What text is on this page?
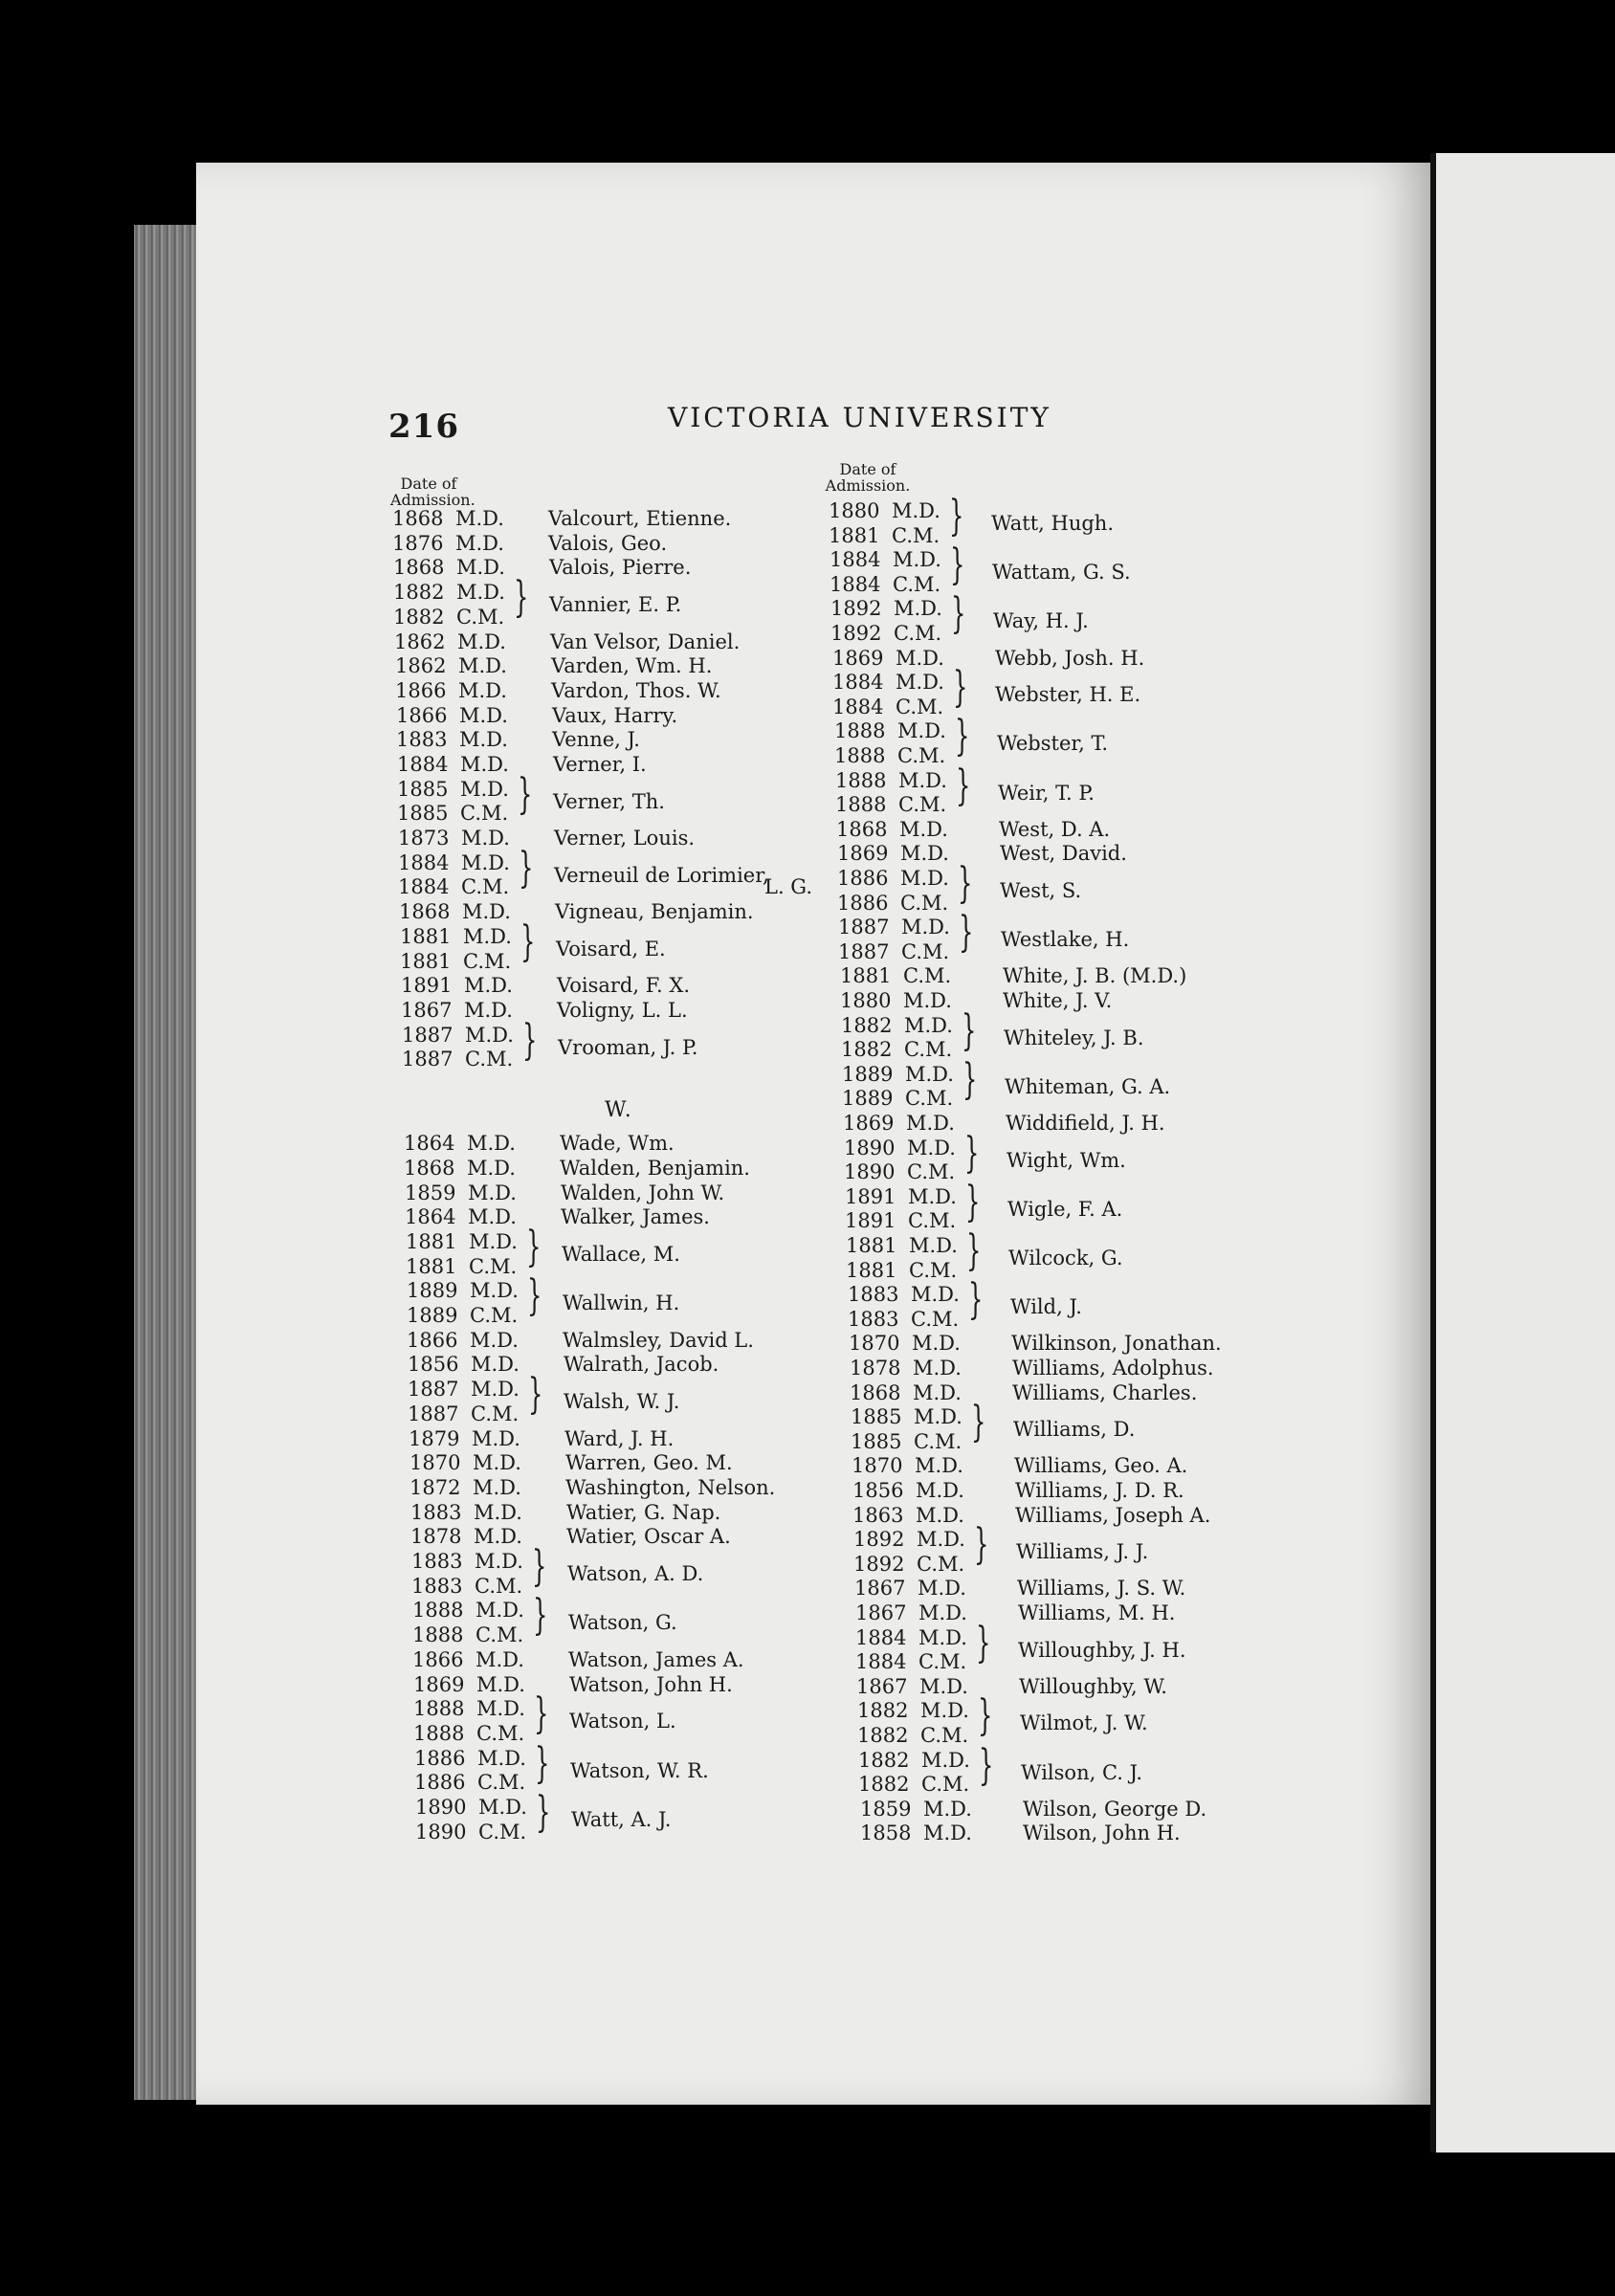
216	VICTORIA UNIVERSITY
Date of Admission.
Date of Admission.
W.
1868 M.D. Valcourt, Etienne.
1876 M.D. Valois, Geo.
1868 M.D. Valois, Pierre.
1882 M.D.
1882 C.M. } Vannier, E. P.
1862 M.D. Van Velsor, Daniel.
1862 M.D. Varden, Wm. H.
1866 M.D. Vardon, Thos. W.
1866 M.D. Vaux, Harry.
1883 M.D. Venne, J.
1884 M.D. Verner, I.
1885 M.D.
1885 C.M. } Verner, Th.
1873 M.D. Verner, Louis.
1884 M.D.
1884 C.M. } Verneuil de Lorimier,
L. G.
1868 M.D. Vigneau, Benjamin.
1881 M.D.
1881 C.M. } Voisard, E.
1891 M.D. Voisard, F. X.
1867 M.D. Voligny, L. L.
1887 M.D.
1887 C.M. } Vrooman, J. P.
1864 M.D. Wade, Wm.
1868 M.D. Walden, Benjamin.
1859 M.D. Walden, John W.
1864 M.D. Walker, James.
1881 M.D.
1881 C.M. } Wallace, M.
1889 M.D.
1889 C.M. } Wallwin, H.
1866 M.D. Walmsley, David L.
1856 M.D. Walrath, Jacob.
1887 M.D.
1887 C.M. } Walsh, W. J.
1879 M.D. Ward, J. H.
1870 M.D. Warren, Geo. M.
1872 M.D. Washington, Nelson.
1883 M.D. Watier, G. Nap.
1878 M.D. Watier, Oscar A.
1883 M.D.
1883 C.M. } Watson, A. D.
1888 M.D.
1888 C.M. } Watson, G.
1866 M.D. Watson, James A.
1869 M.D. Watson, John H.
1888 M.D.
1888 C.M. } Watson, L.
1886 M.D.
1886 C.M. } Watson, W. R.
1890 M.D.
1890 C.M. } Watt, A. J.
1880 M.D.
1881 C.M. } Watt, Hugh.
1884 M.D.
1884 C.M. } Wattam, G. S.
1892 M.D.
1892 C.M. } Way, H. J.
1869 M.D.	Webb, Josh. H.
1884 M.D.
1884 C.M. } Webster, H. E.
1888 M.D.
1888 C.M. } Webster, T.
1888 M.D.
1888 C.M. } Weir, T. P.
1868 M.D.	West, D. A.
1869 M.D.	West, David.
1886 M.D.
1886 C.M. } West, S.
1887 M.D.
1887 C.M. } Westlake, H.
1881 C.M.	White, J. B. (M.D.)
1880 M.D.	White, J. V.
1882 M.D.
1882 C.M. } Whiteley, J. B.
1889 M.D.
1889 C.M. } Whiteman, G. A.
1869 M.D.	Widdifield, J. H.
1890 M.D.
1890 C.M. } Wight, Wm.
1891 M.D.
1891 C.M. } Wigle, F. A.
1881 M.D.
1881 C.M. } Wilcock, G.
1883 M.D.
1883 C.M. } Wild, J.
1870 M.D.	Wilkinson, Jonathan.
1878 M.D.	Williams, Adolphus.
1868 M.D.	Williams, Charles.
1885 M.D.
1885 C.M. } Williams, D.
1870 M.D.	Williams, Geo. A.
1856 M.D.	Williams, J. D. R.
1863 M.D.	Williams, Joseph A.
1892 M.D.
1892 C.M. } Williams, J. J.
1867 M.D.	Williams, J. S. W.
1867 M.D.	Williams, M. H.
1884 M.D.
1884 C.M. } Willoughby, J. H.
1867 M.D.	Willoughby, W.
1882 M.D.
1882 C.M. } Wilmot, J. W.
1882 M.D.
1882 C.M. } Wilson, C. J.
1859 M.D.	Wilson, George D.
1858 M.D.	Wilson, John H.
